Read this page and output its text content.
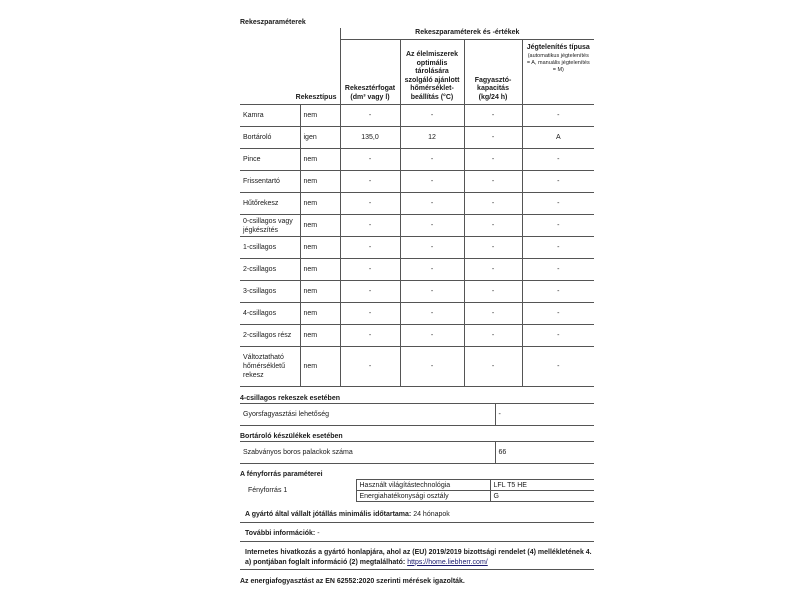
Rekeszparaméterek
Rekesztípus		Rekeszparaméterek és -értékek			
		Rekesztérfogat (dm³ vagy l)	Az élelmiszerek optimális tárolására szolgáló ajánlott hőmérséklet-beállítás (°C)	Fagyasztó-kapacitás (kg/24 h)	Jégtelenítés típusa
(automatikus jégtelenítés = A, manuális jégtelenítés = M)

Kamra	nem	-	-	-	-
Bortároló	igen	135,0	12	-	A
Pince	nem	-	-	-	-
Frissentartó	nem	-	-	-	-
Hűtőrekesz	nem	-	-	-	-
0-csillagos vagy jégkészítés	nem	-	-	-	-
1-csillagos	nem	-	-	-	-
2-csillagos	nem	-	-	-	-
3-csillagos	nem	-	-	-	-
4-csillagos	nem	-	-	-	-
2-csillagos rész	nem	-	-	-	-
Változtatható hőmérsékletű rekesz	nem	-	-	-	-
4-csillagos rekeszek esetében
Gyorsfagyasztási lehetőség	-
Bortároló készülékek esetében
Szabványos boros palackok száma	66
A fényforrás paraméterei
Fényforrás 1	Használt világítástechnológia	LFL T5 HE
	Energiahatékonysági osztály	G
A gyártó által vállalt jótállás minimális időtartama: 24 hónapok
További információk: -
Internetes hivatkozás a gyártó honlapjára, ahol az (EU) 2019/2019 bizottsági rendelet (4) mellékletének 4. a) pontjában foglalt információ (2) megtalálható: https://home.liebherr.com/
Az energiafogyasztást az EN 62552:2020 szerinti mérések igazolták.
